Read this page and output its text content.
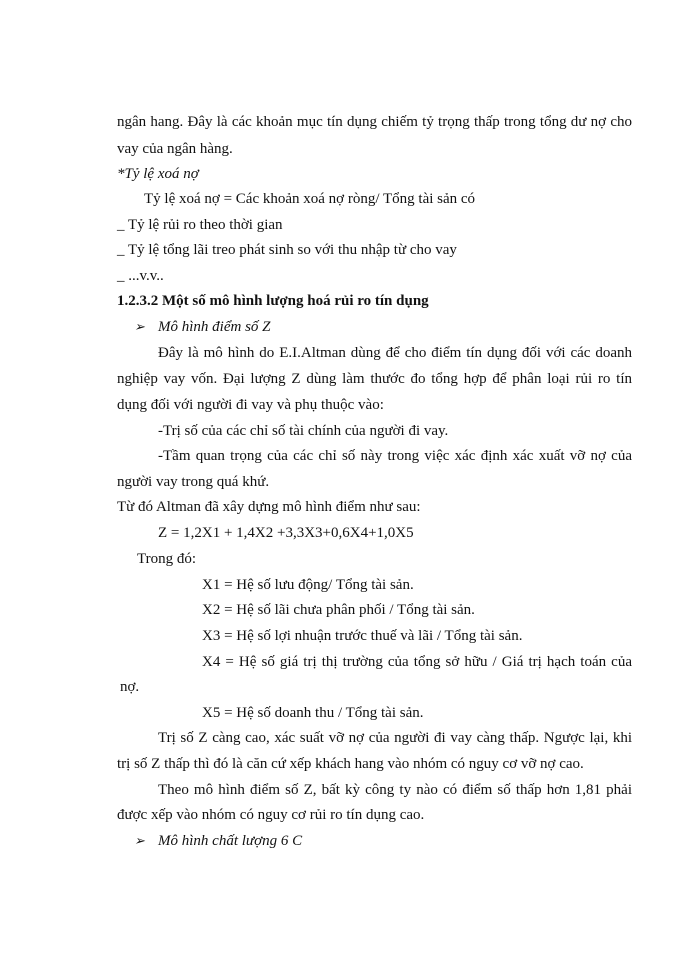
ngân hang. Đây là các khoản mục tín dụng chiếm tỷ trọng thấp trong tổng dư nợ cho
vay của ngân hàng.
*Tỷ lệ xoá nợ
Tỷ lệ xoá nợ = Các khoản xoá nợ ròng/ Tổng tài sản có
_ Tỷ lệ rủi ro theo thời gian
_ Tỷ lệ tổng lãi treo phát sinh so với thu nhập từ cho vay
_ ...v.v..
1.2.3.2 Một số mô hình lượng hoá rủi ro tín dụng
➢ Mô hình điểm số Z
Đây là mô hình do E.I.Altman dùng để cho điểm tín dụng đối với các doanh
nghiệp vay vốn. Đại lượng Z dùng làm thước đo tổng hợp để phân loại rủi ro tín
dụng đối với người đi vay và phụ thuộc vào:
-Trị số của các chỉ số tài chính của người đi vay.
-Tầm quan trọng của các chỉ số này trong việc xác định xác xuất vỡ nợ của
người vay trong quá khứ.
Từ đó Altman đã xây dựng mô hình điểm như sau:
Z = 1,2X1 + 1,4X2 +3,3X3+0,6X4+1,0X5
Trong đó:
X1 = Hệ số lưu động/ Tổng tài sản.
X2 = Hệ số lãi chưa phân phối / Tổng tài sản.
X3 = Hệ số lợi nhuận trước thuế và lãi / Tổng tài sản.
X4 = Hệ số giá trị thị trường của tổng sở hữu / Giá trị hạch toán của
nợ.
X5 = Hệ số doanh thu / Tổng tài sản.
Trị số Z càng cao, xác suất vỡ nợ của người đi vay càng thấp. Ngược lại, khi
trị số Z thấp thì đó là căn cứ xếp khách hang vào nhóm có nguy cơ vỡ nợ cao.
Theo mô hình điểm số Z, bất kỳ công ty nào có điểm số thấp hơn 1,81 phải
được xếp vào nhóm có nguy cơ rủi ro tín dụng cao.
➢ Mô hình chất lượng 6 C
